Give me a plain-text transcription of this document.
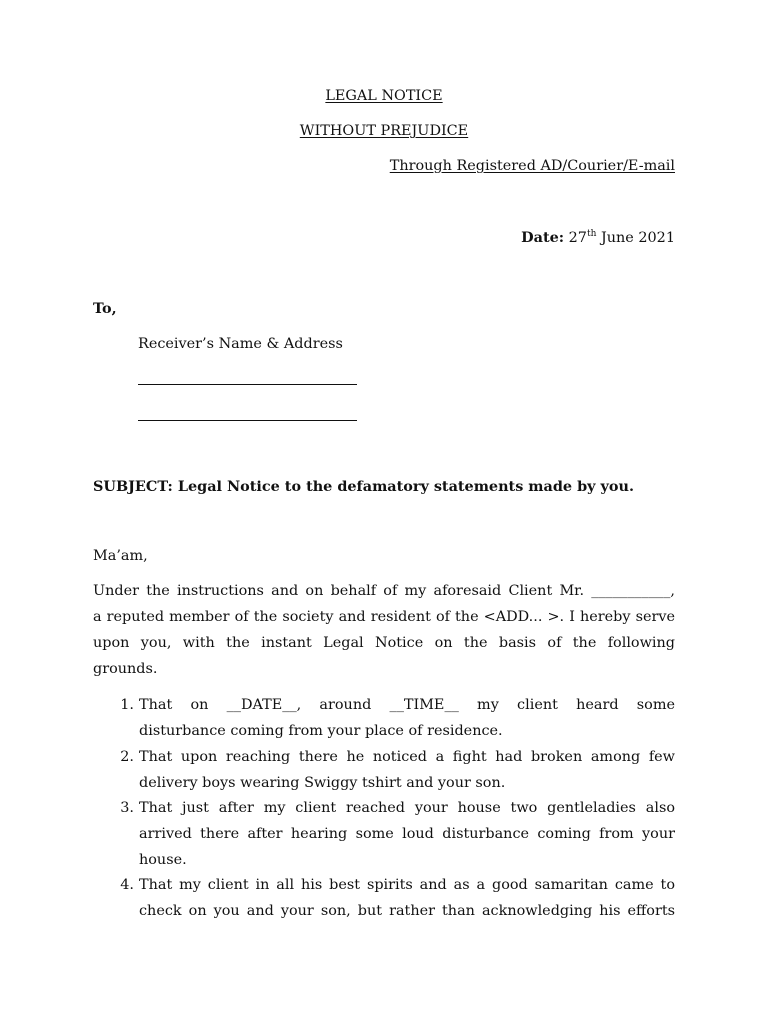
LEGAL NOTICE
WITHOUT PREJUDICE
Through Registered AD/Courier/E-mail
Date: 27th June 2021
To,
Receiver’s Name & Address
SUBJECT: Legal Notice to the defamatory statements made by you.
Ma’am,
Under the instructions and on behalf of my aforesaid Client Mr. ___________,
a reputed member of the society and resident of the <ADD... >. I hereby serve
upon you, with the instant Legal Notice on the basis of the following
grounds.
1. That on __DATE__, around __TIME__ my client heard some
disturbance coming from your place of residence.
2. That upon reaching there he noticed a fight had broken among few
delivery boys wearing Swiggy tshirt and your son.
3. That just after my client reached your house two gentleladies also
arrived there after hearing some loud disturbance coming from your
house.
4. That my client in all his best spirits and as a good samaritan came to
check on you and your son, but rather than acknowledging his efforts
